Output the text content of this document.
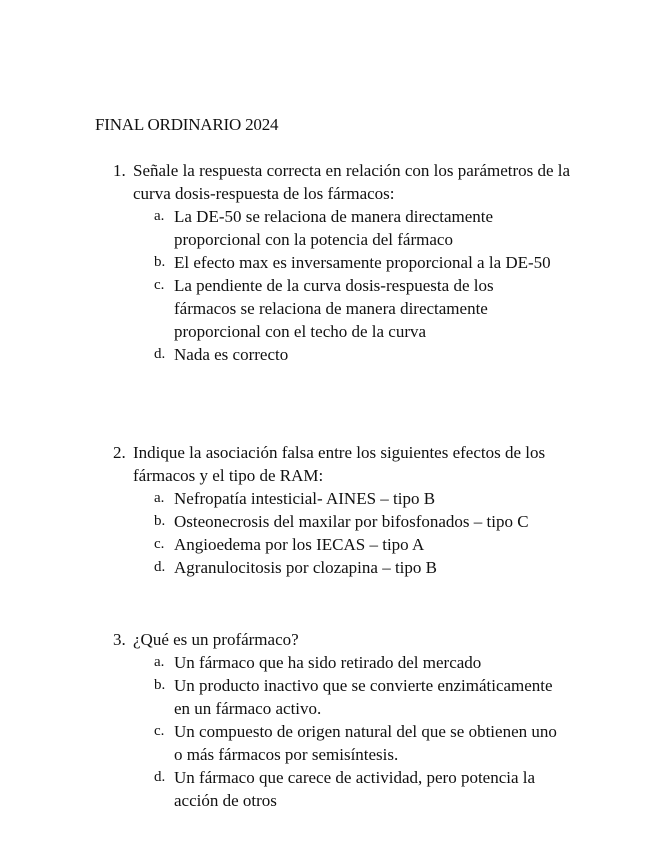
FINAL ORDINARIO 2024

1. Señale la respuesta correcta en relación con los parámetros de la curva dosis-respuesta de los fármacos:

a. La DE-50 se relaciona de manera directamente proporcional con la potencia del fármaco
b. El efecto max es inversamente proporcional a la DE-50
c. La pendiente de la curva dosis-respuesta de los fármacos se relaciona de manera directamente proporcional con el techo de la curva
d. Nada es correcto

2. Indique la asociación falsa entre los siguientes efectos de los fármacos y el tipo de RAM:

a. Nefropatía intesticial- AINES – tipo B
b. Osteonecrosis del maxilar por bifosfonados – tipo C
c. Angioedema por los IECAS – tipo A
d. Agranulocitosis por clozapina – tipo B

3. ¿Qué es un profármaco?

a. Un fármaco que ha sido retirado del mercado
b. Un producto inactivo que se convierte enzimáticamente en un fármaco activo.
c. Un compuesto de origen natural del que se obtienen uno o más fármacos por semisíntesis.
d. Un fármaco que carece de actividad, pero potencia la acción de otros
